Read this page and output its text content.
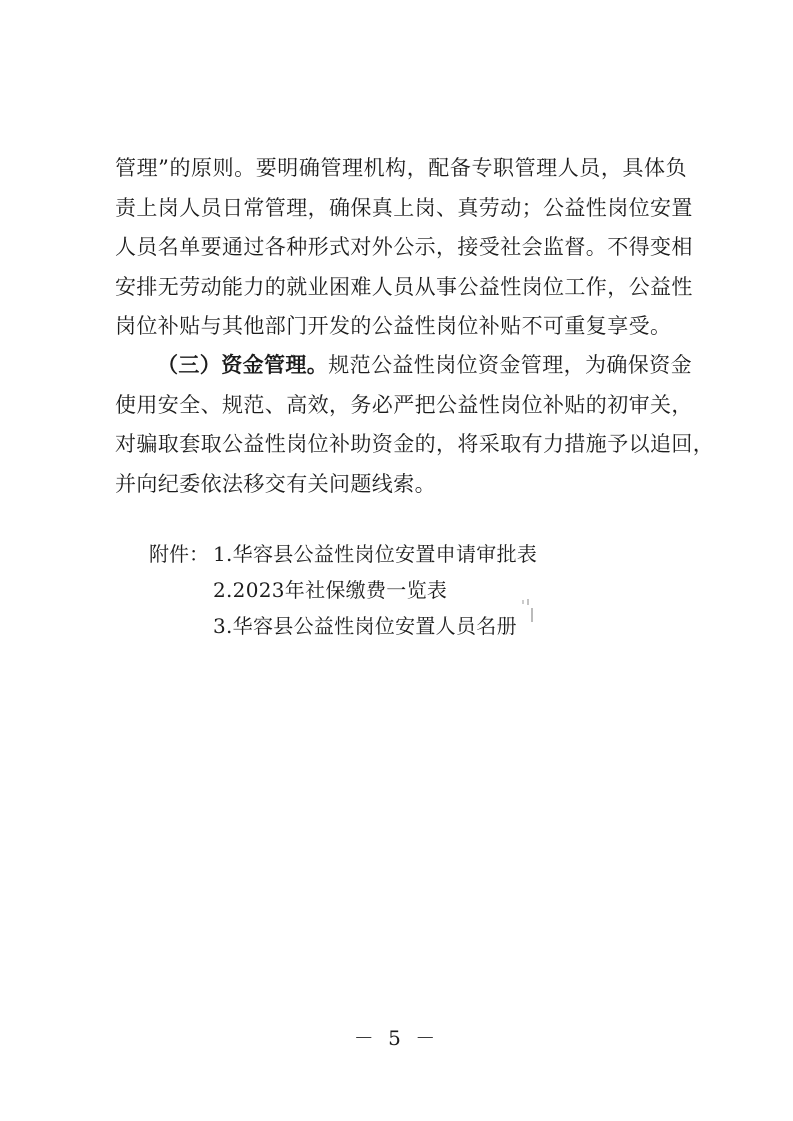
管理”的原则。要明确管理机构，配备专职管理人员，具体负
责上岗人员日常管理，确保真上岗、真劳动；公益性岗位安置
人员名单要通过各种形式对外公示，接受社会监督。不得变相
安排无劳动能力的就业困难人员从事公益性岗位工作，公益性
岗位补贴与其他部门开发的公益性岗位补贴不可重复享受。

（三）资金管理。规范公益性岗位资金管理，为确保资金
使用安全、规范、高效，务必严把公益性岗位补贴的初审关，
对骗取套取公益性岗位补助资金的，将采取有力措施予以追回，
并向纪委依法移交有关问题线索。

附件： 1.华容县公益性岗位安置申请审批表
2.2023年社保缴费一览表
3.华容县公益性岗位安置人员名册
－ 5 －
